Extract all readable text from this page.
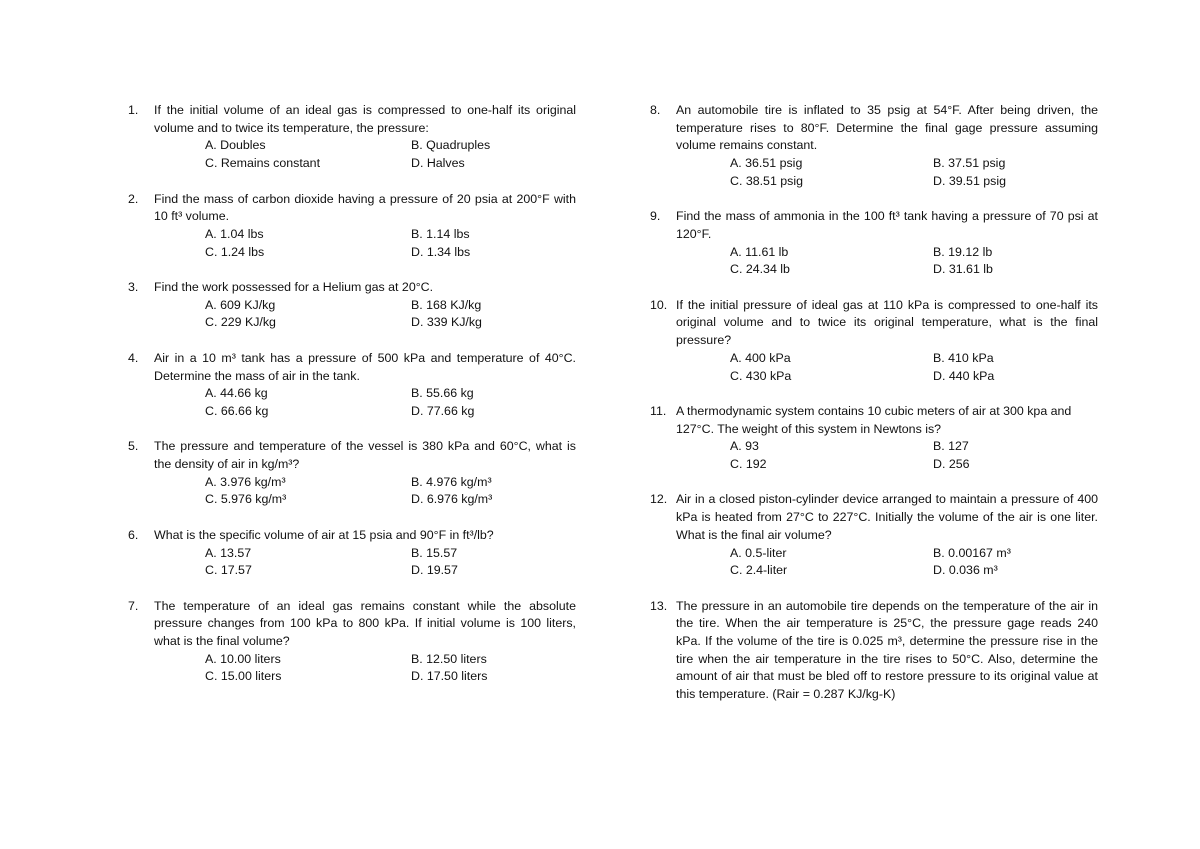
1.	If the initial volume of an ideal gas is compressed to one-half its original volume and to twice its temperature, the pressure:
A. Doubles	B. Quadruples
C. Remains constant	D. Halves
2.	Find the mass of carbon dioxide having a pressure of 20 psia at 200°F with 10 ft³ volume.
A. 1.04 lbs	B. 1.14 lbs
C. 1.24 lbs	D. 1.34 lbs
3.	Find the work possessed for a Helium gas at 20°C.
A. 609 KJ/kg	B. 168 KJ/kg
C. 229 KJ/kg	D. 339 KJ/kg
4.	Air in a 10 m³ tank has a pressure of 500 kPa and temperature of 40°C. Determine the mass of air in the tank.
A. 44.66 kg	B. 55.66 kg
C. 66.66 kg	D. 77.66 kg
5.	The pressure and temperature of the vessel is 380 kPa and 60°C, what is the density of air in kg/m³?
A. 3.976 kg/m³	B. 4.976 kg/m³
C. 5.976 kg/m³	D. 6.976 kg/m³
6.	What is the specific volume of air at 15 psia and 90°F in ft³/lb?
A. 13.57	B. 15.57
C. 17.57	D. 19.57
7.	The temperature of an ideal gas remains constant while the absolute pressure changes from 100 kPa to 800 kPa. If initial volume is 100 liters, what is the final volume?
A. 10.00 liters	B. 12.50 liters
C. 15.00 liters	D. 17.50 liters
8.	An automobile tire is inflated to 35 psig at 54°F. After being driven, the temperature rises to 80°F. Determine the final gage pressure assuming volume remains constant.
A. 36.51 psig	B. 37.51 psig
C. 38.51 psig	D. 39.51 psig
9.	Find the mass of ammonia in the 100 ft³ tank having a pressure of 70 psi at 120°F.
A. 11.61 lb	B. 19.12 lb
C. 24.34 lb	D. 31.61 lb
10. If the initial pressure of ideal gas at 110 kPa is compressed to one-half its original volume and to twice its original temperature, what is the final pressure?
A. 400 kPa	B. 410 kPa
C. 430 kPa	D. 440 kPa
11. A thermodynamic system contains 10 cubic meters of air at 300 kpa and 127°C. The weight of this system in Newtons is?
A. 93	B. 127
C. 192	D. 256
12. Air in a closed piston-cylinder device arranged to maintain a pressure of 400 kPa is heated from 27°C to 227°C. Initially the volume of the air is one liter. What is the final air volume?
A. 0.5-liter	B. 0.00167 m³
C. 2.4-liter	D. 0.036 m³
13. The pressure in an automobile tire depends on the temperature of the air in the tire. When the air temperature is 25°C, the pressure gage reads 240 kPa. If the volume of the tire is 0.025 m³, determine the pressure rise in the tire when the air temperature in the tire rises to 50°C. Also, determine the amount of air that must be bled off to restore pressure to its original value at this temperature. (Rair = 0.287 KJ/kg-K)
